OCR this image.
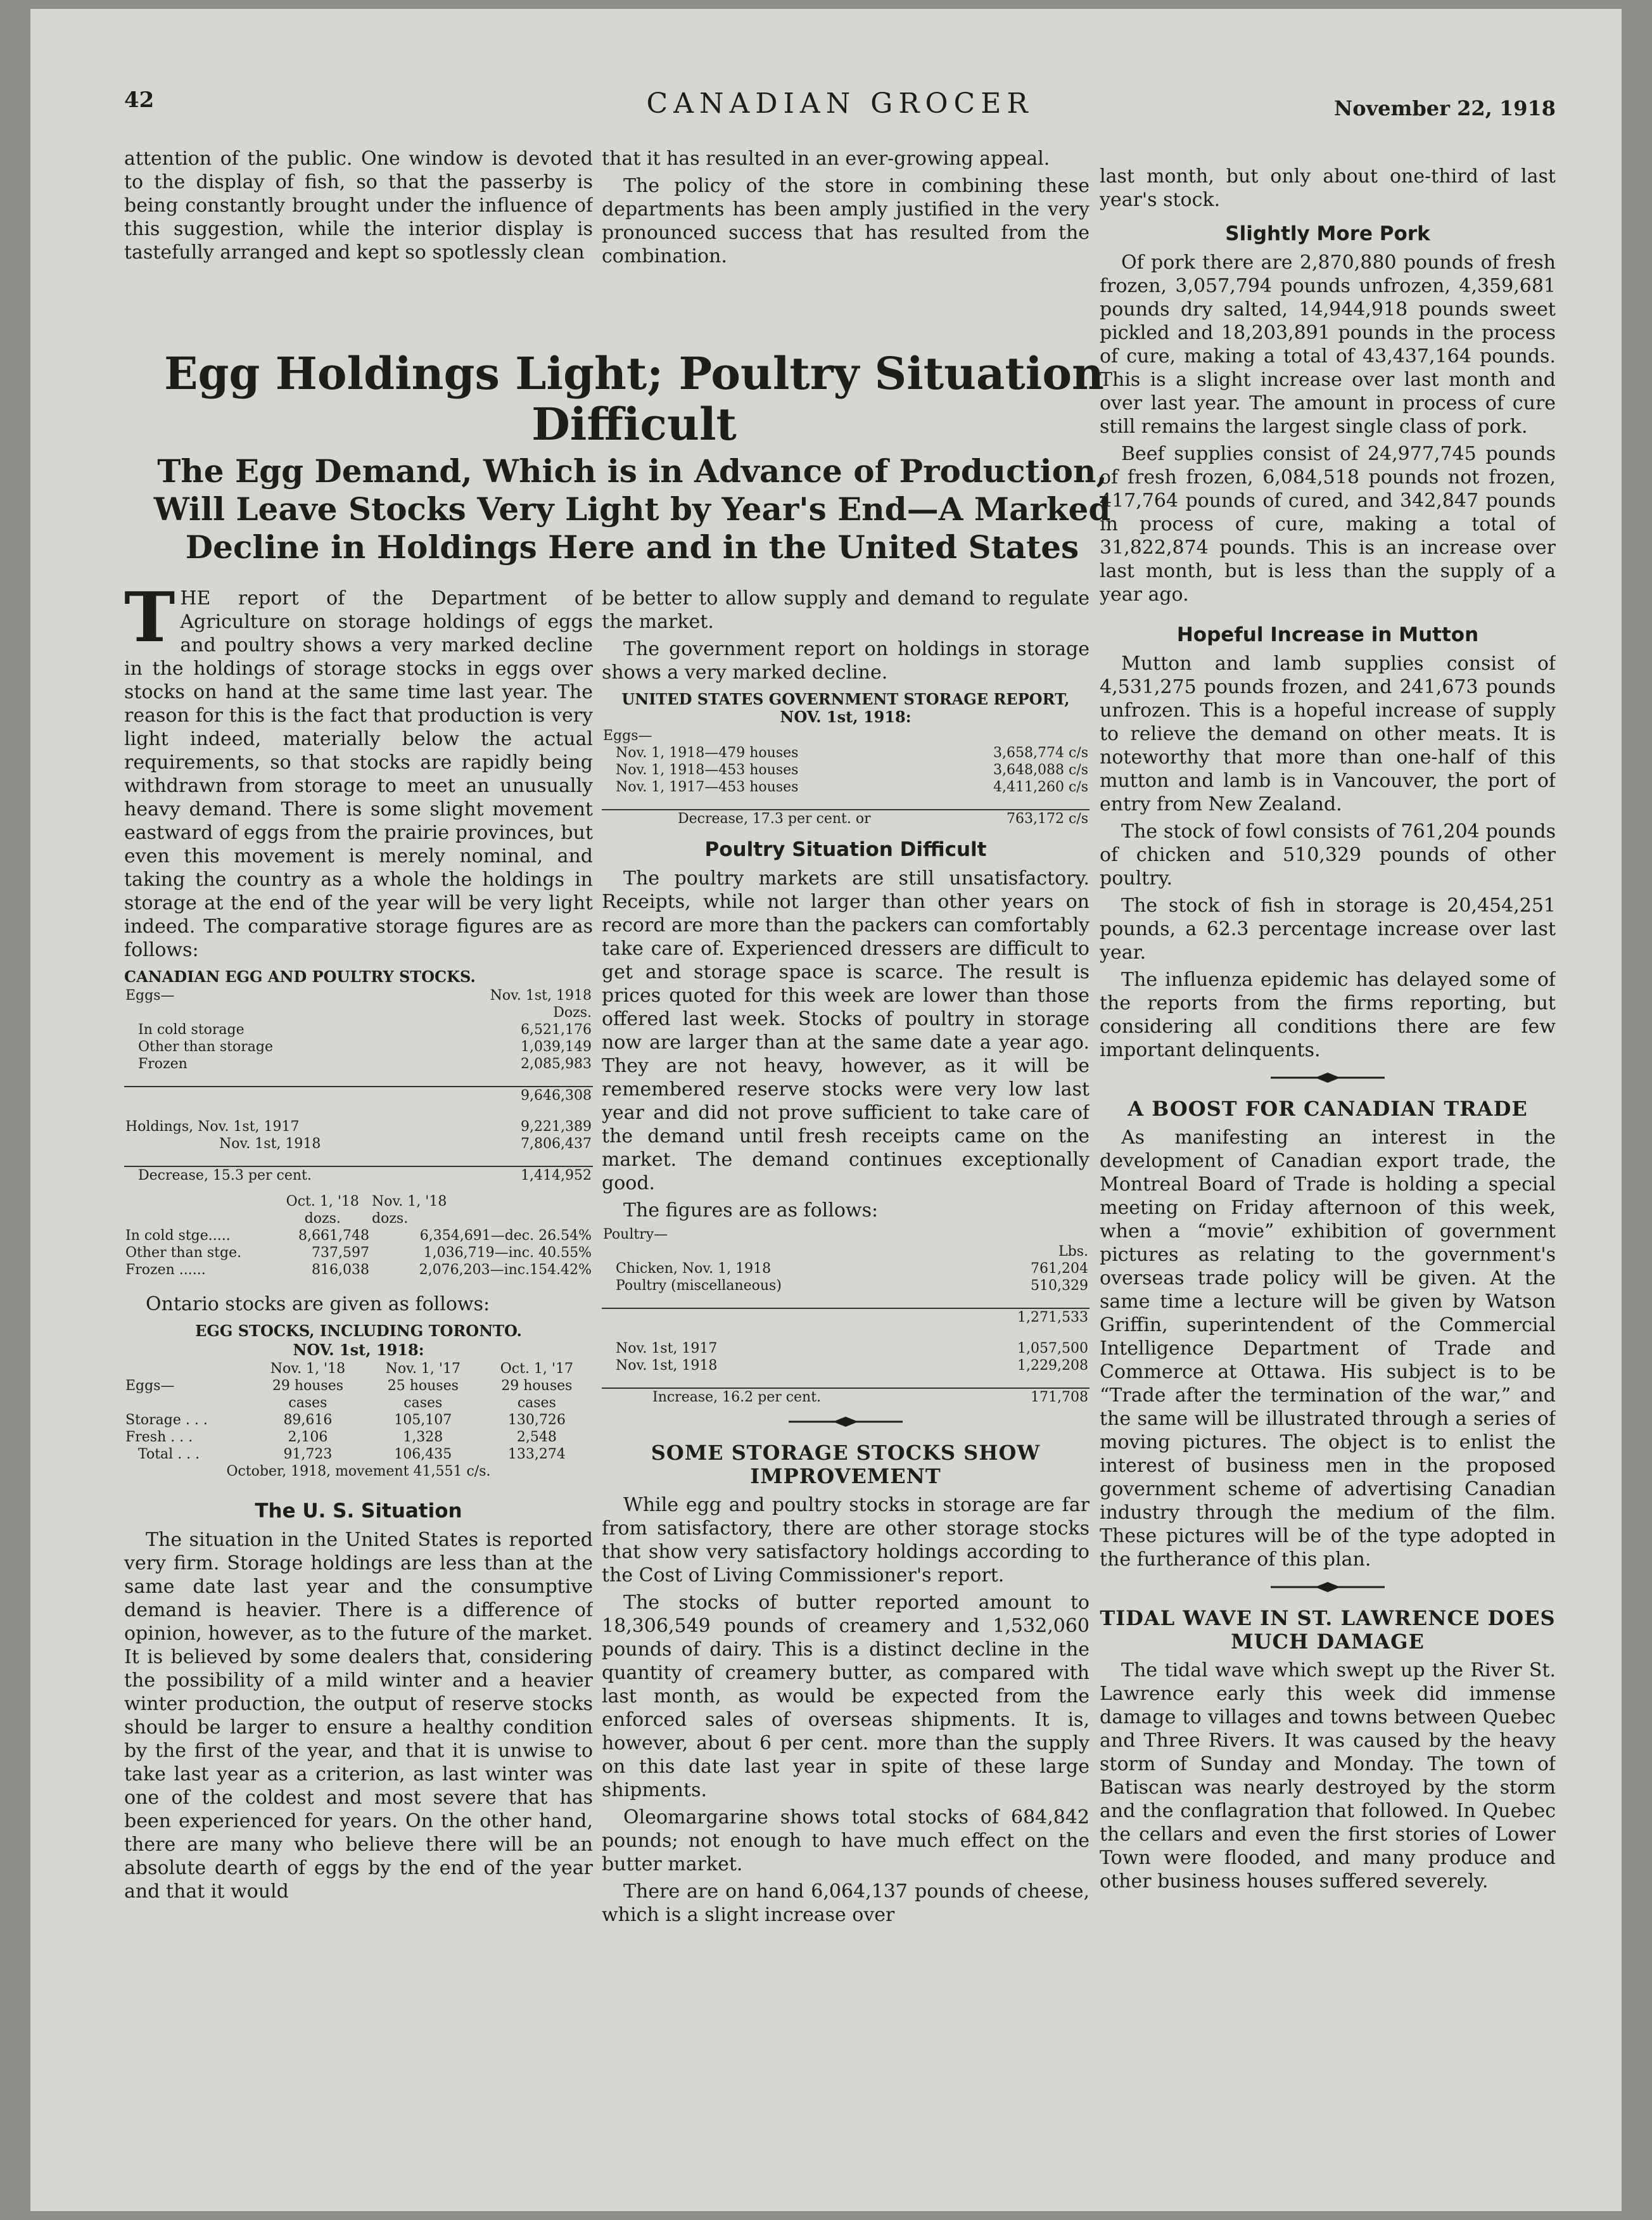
42	CANADIAN GROCER	November 22, 1918

attention of the public. One window is devoted to the display of fish, so that the passerby is being constantly brought under the influence of this suggestion, while the interior display is tastefully arranged and kept so spotlessly clean

that it has resulted in an ever-growing appeal.

The policy of the store in combining these departments has been amply justified in the very pronounced success that has resulted from the combination.

Egg Holdings Light; Poultry Situation Difficult
The Egg Demand, Which is in Advance of Production, Will Leave Stocks Very Light by Year's End—A Marked Decline in Holdings Here and in the United States

THE report of the Department of Agriculture on storage holdings of eggs and poultry shows a very marked decline in the holdings of storage stocks in eggs over stocks on hand at the same time last year. The reason for this is the fact that production is very light indeed, materially below the actual requirements, so that stocks are rapidly being withdrawn from storage to meet an unusually heavy demand. There is some slight movement eastward of eggs from the prairie provinces, but even this movement is merely nominal, and taking the country as a whole the holdings in storage at the end of the year will be very light indeed. The comparative storage figures are as follows:

CANADIAN EGG AND POULTRY STOCKS.
Eggs—	Nov. 1st, 1918
	Dozs.
In cold storage	6,521,176
Other than storage	1,039,149
Frozen	2,085,983

	9,646,308

Holdings, Nov. 1st, 1917	9,221,389
Nov. 1st, 1918	7,806,437

Decrease, 15.3 per cent.	1,414,952
	Oct. 1, '18	Nov. 1, '18
	dozs.	dozs.
In cold stge.....	8,661,748	6,354,691—dec. 26.54%
Other than stge.	737,597	1,036,719—inc. 40.55%
Frozen ......	816,038	2,076,203—inc.154.42%

Ontario stocks are given as follows:

EGG STOCKS, INCLUDING TORONTO.
NOV. 1st, 1918:
	Nov. 1, '18	Nov. 1, '17	Oct. 1, '17
Eggs—	29 houses	25 houses	29 houses
	cases	cases	cases
Storage . . .	89,616	105,107	130,726
Fresh . . .	2,106	1,328	2,548
Total . . .	91,723	106,435	133,274
October, 1918, movement 41,551 c/s.
The U. S. Situation

The situation in the United States is reported very firm. Storage holdings are less than at the same date last year and the consumptive demand is heavier. There is a difference of opinion, however, as to the future of the market. It is believed by some dealers that, considering the possibility of a mild winter and a heavier winter production, the output of reserve stocks should be larger to ensure a healthy condition by the first of the year, and that it is unwise to take last year as a criterion, as last winter was one of the coldest and most severe that has been experienced for years. On the other hand, there are many who believe there will be an absolute dearth of eggs by the end of the year and that it would

be better to allow supply and demand to regulate the market.

The government report on holdings in storage shows a very marked decline.

UNITED STATES GOVERNMENT STORAGE REPORT, NOV. 1st, 1918:
Eggs—	
Nov. 1, 1918—479 houses	3,658,774 c/s
Nov. 1, 1918—453 houses	3,648,088 c/s
Nov. 1, 1917—453 houses	4,411,260 c/s

Decrease, 17.3 per cent. or	763,172 c/s
Poultry Situation Difficult

The poultry markets are still unsatisfactory. Receipts, while not larger than other years on record are more than the packers can comfortably take care of. Experienced dressers are difficult to get and storage space is scarce. The result is prices quoted for this week are lower than those offered last week. Stocks of poultry in storage now are larger than at the same date a year ago. They are not heavy, however, as it will be remembered reserve stocks were very low last year and did not prove sufficient to take care of the demand until fresh receipts came on the market. The demand continues exceptionally good.

The figures are as follows:

Poultry—	
	Lbs.
Chicken, Nov. 1, 1918	761,204
Poultry (miscellaneous)	510,329

	1,271,533

Nov. 1st, 1917	1,057,500
Nov. 1st, 1918	1,229,208

Increase, 16.2 per cent.	171,708
SOME STORAGE STOCKS SHOW IMPROVEMENT

While egg and poultry stocks in storage are far from satisfactory, there are other storage stocks that show very satisfactory holdings according to the Cost of Living Commissioner's report.

The stocks of butter reported amount to 18,306,549 pounds of creamery and 1,532,060 pounds of dairy. This is a distinct decline in the quantity of creamery butter, as compared with last month, as would be expected from the enforced sales of overseas shipments. It is, however, about 6 per cent. more than the supply on this date last year in spite of these large shipments.

Oleomargarine shows total stocks of 684,842 pounds; not enough to have much effect on the butter market.

There are on hand 6,064,137 pounds of cheese, which is a slight increase over

last month, but only about one-third of last year's stock.

Slightly More Pork

Of pork there are 2,870,880 pounds of fresh frozen, 3,057,794 pounds unfrozen, 4,359,681 pounds dry salted, 14,944,918 pounds sweet pickled and 18,203,891 pounds in the process of cure, making a total of 43,437,164 pounds. This is a slight increase over last month and over last year. The amount in process of cure still remains the largest single class of pork.

Beef supplies consist of 24,977,745 pounds of fresh frozen, 6,084,518 pounds not frozen, 417,764 pounds of cured, and 342,847 pounds in process of cure, making a total of 31,822,874 pounds. This is an increase over last month, but is less than the supply of a year ago.

Hopeful Increase in Mutton

Mutton and lamb supplies consist of 4,531,275 pounds frozen, and 241,673 pounds unfrozen. This is a hopeful increase of supply to relieve the demand on other meats. It is noteworthy that more than one-half of this mutton and lamb is in Vancouver, the port of entry from New Zealand.

The stock of fowl consists of 761,204 pounds of chicken and 510,329 pounds of other poultry.

The stock of fish in storage is 20,454,251 pounds, a 62.3 percentage increase over last year.

The influenza epidemic has delayed some of the reports from the firms reporting, but considering all conditions there are few important delinquents.

A BOOST FOR CANADIAN TRADE

As manifesting an interest in the development of Canadian export trade, the Montreal Board of Trade is holding a special meeting on Friday afternoon of this week, when a “movie” exhibition of government pictures as relating to the government's overseas trade policy will be given. At the same time a lecture will be given by Watson Griffin, superintendent of the Commercial Intelligence Department of Trade and Commerce at Ottawa. His subject is to be “Trade after the termination of the war,” and the same will be illustrated through a series of moving pictures. The object is to enlist the interest of business men in the proposed government scheme of advertising Canadian industry through the medium of the film. These pictures will be of the type adopted in the furtherance of this plan.

TIDAL WAVE IN ST. LAWRENCE DOES MUCH DAMAGE

The tidal wave which swept up the River St. Lawrence early this week did immense damage to villages and towns between Quebec and Three Rivers. It was caused by the heavy storm of Sunday and Monday. The town of Batiscan was nearly destroyed by the storm and the conflagration that followed. In Quebec the cellars and even the first stories of Lower Town were flooded, and many produce and other business houses suffered severely.
